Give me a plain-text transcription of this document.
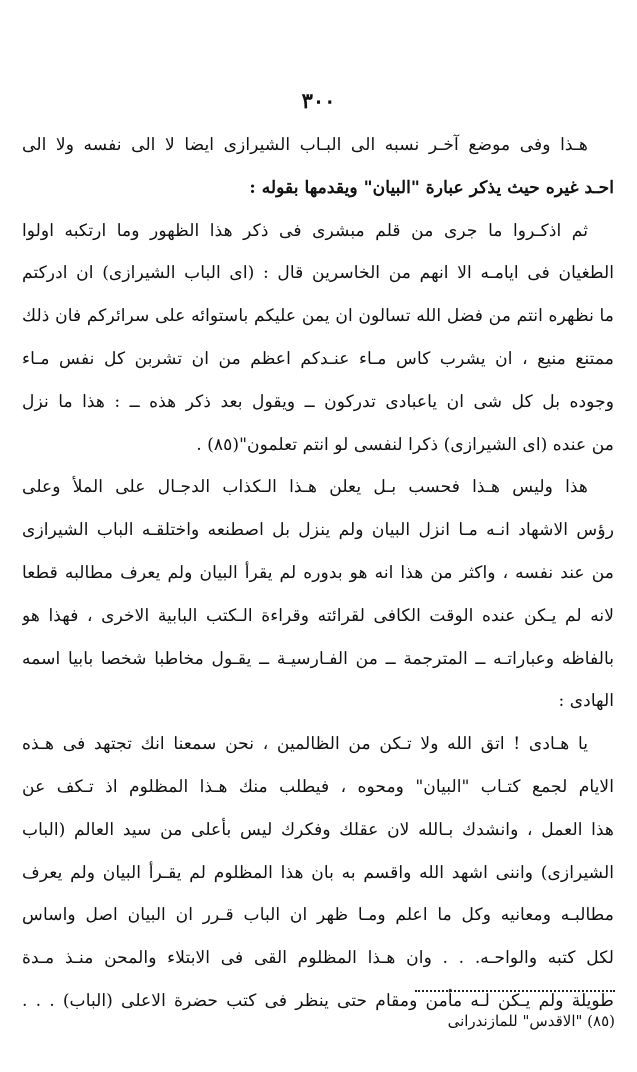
٣٠٠
هـذا وفى موضع آخـر نسبه الى البـاب الشيرازى ايضا لا الى نفسه ولا الى
احـد غيره حيث يذكر عبارة "البيان" ويقدمها بقوله :
ثم اذكـروا ما جرى من قلم مبشرى فى ذكر هذا الظهور وما ارتكبه اولوا
الطغيان فى ايامـه الا انهم من الخاسرين قال : (اى الباب الشيرازى) ان ادركتم
ما نظهره انتم من فضل الله تسالون ان يمن عليكم باستوائه على سرائركم فان ذلك
ممتنع منيع ، ان يشرب كاس مـاء عنـدكم اعظم من ان تشربن كل نفس مـاء
وجوده بل كل شى ان ياعبادى تدركون ــ ويقول بعد ذكر هذه ــ : هذا ما نزل
من عنده (اى الشيرازى) ذكرا لنفسى لو انتم تعلمون"(٨٥) .
هذا وليس هـذا فحسب بـل يعلن هـذا الـكذاب الدجـال على الملأ وعلى
رؤس الاشهاد انـه مـا انزل البيان ولم ينزل بل اصطنعه واختلقـه الباب الشيرازى
من عند نفسه ، واكثر من هذا انه هو بدوره لم يقرأ البيان ولم يعرف مطالبه قطعا
لانه لم يـكن عنده الوقت الكافى لقرائته وقراءة الـكتب البابية الاخرى ، فهذا هو
بالفاظه وعباراتـه ــ المترجمة ــ من الفـارسيـة ــ يقـول مخاطبا شخصا بابيا اسمه
الهادى :
يا هـادى ! اتق الله ولا تـكن من الظالمين ، نحن سمعنا انك تجتهد فى هـذه
الايام لجمع كتـاب "البيان" ومحوه ، فيطلب منك هـذا المظلوم اذ تـكف عن
هذا العمل ، وانشدك بـالله لان عقلك وفكرك ليس بأعلى من سيد العالم (الباب
الشيرازى) واننى اشهد الله واقسم به بان هذا المظلوم لم يقـرأ البيان ولم يعرف
مطالبـه ومعانيه وكل ما اعلم ومـا ظهر ان الباب قـرر ان البيان اصل واساس
لكل كتبه والواحـه. . . وان هـذا المظلوم القى فى الابتلاء والمحن منـذ مـدة
طويلة ولم يـكن لـه مأمن ومقام حتى ينظر فى كتب حضرة الاعلى (الباب) . . .
(٨٥) "الاقدس" للمازندرانى
